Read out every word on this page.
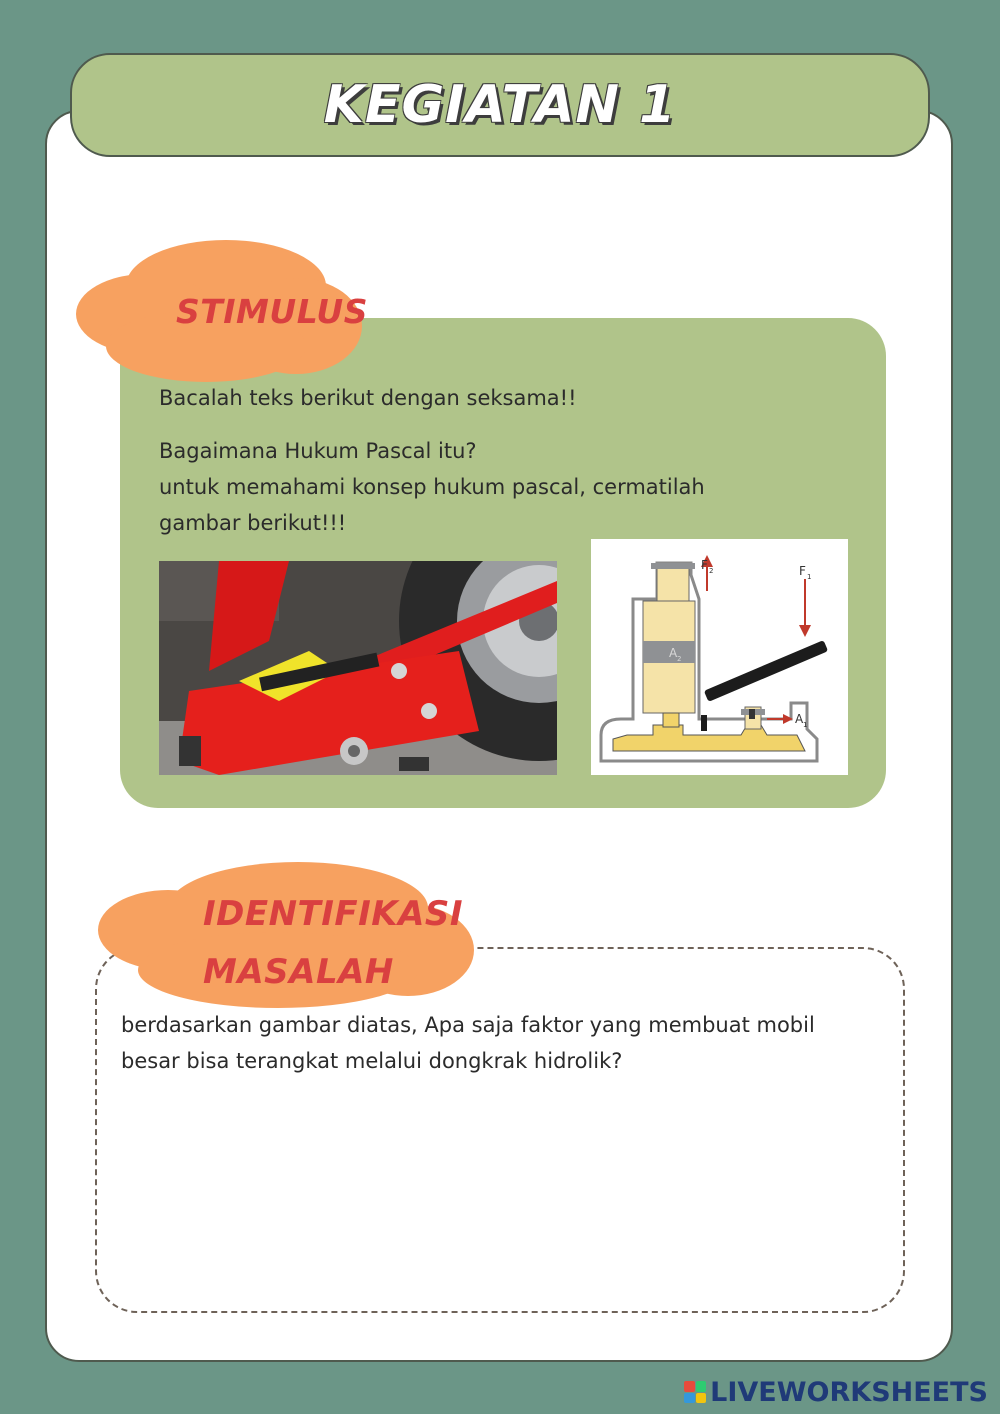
KEGIATAN 1
STIMULUS
Bacalah teks berikut dengan seksama!!
Bagaimana Hukum Pascal itu?
untuk memahami konsep hukum pascal, cermatilah
gambar berikut!!!
F 2	F 1
A 2
A 1
IDENTIFIKASI
MASALAH
berdasarkan gambar diatas, Apa saja faktor yang membuat mobil
besar bisa terangkat melalui dongkrak hidrolik?
LIVEWORKSHEETS
